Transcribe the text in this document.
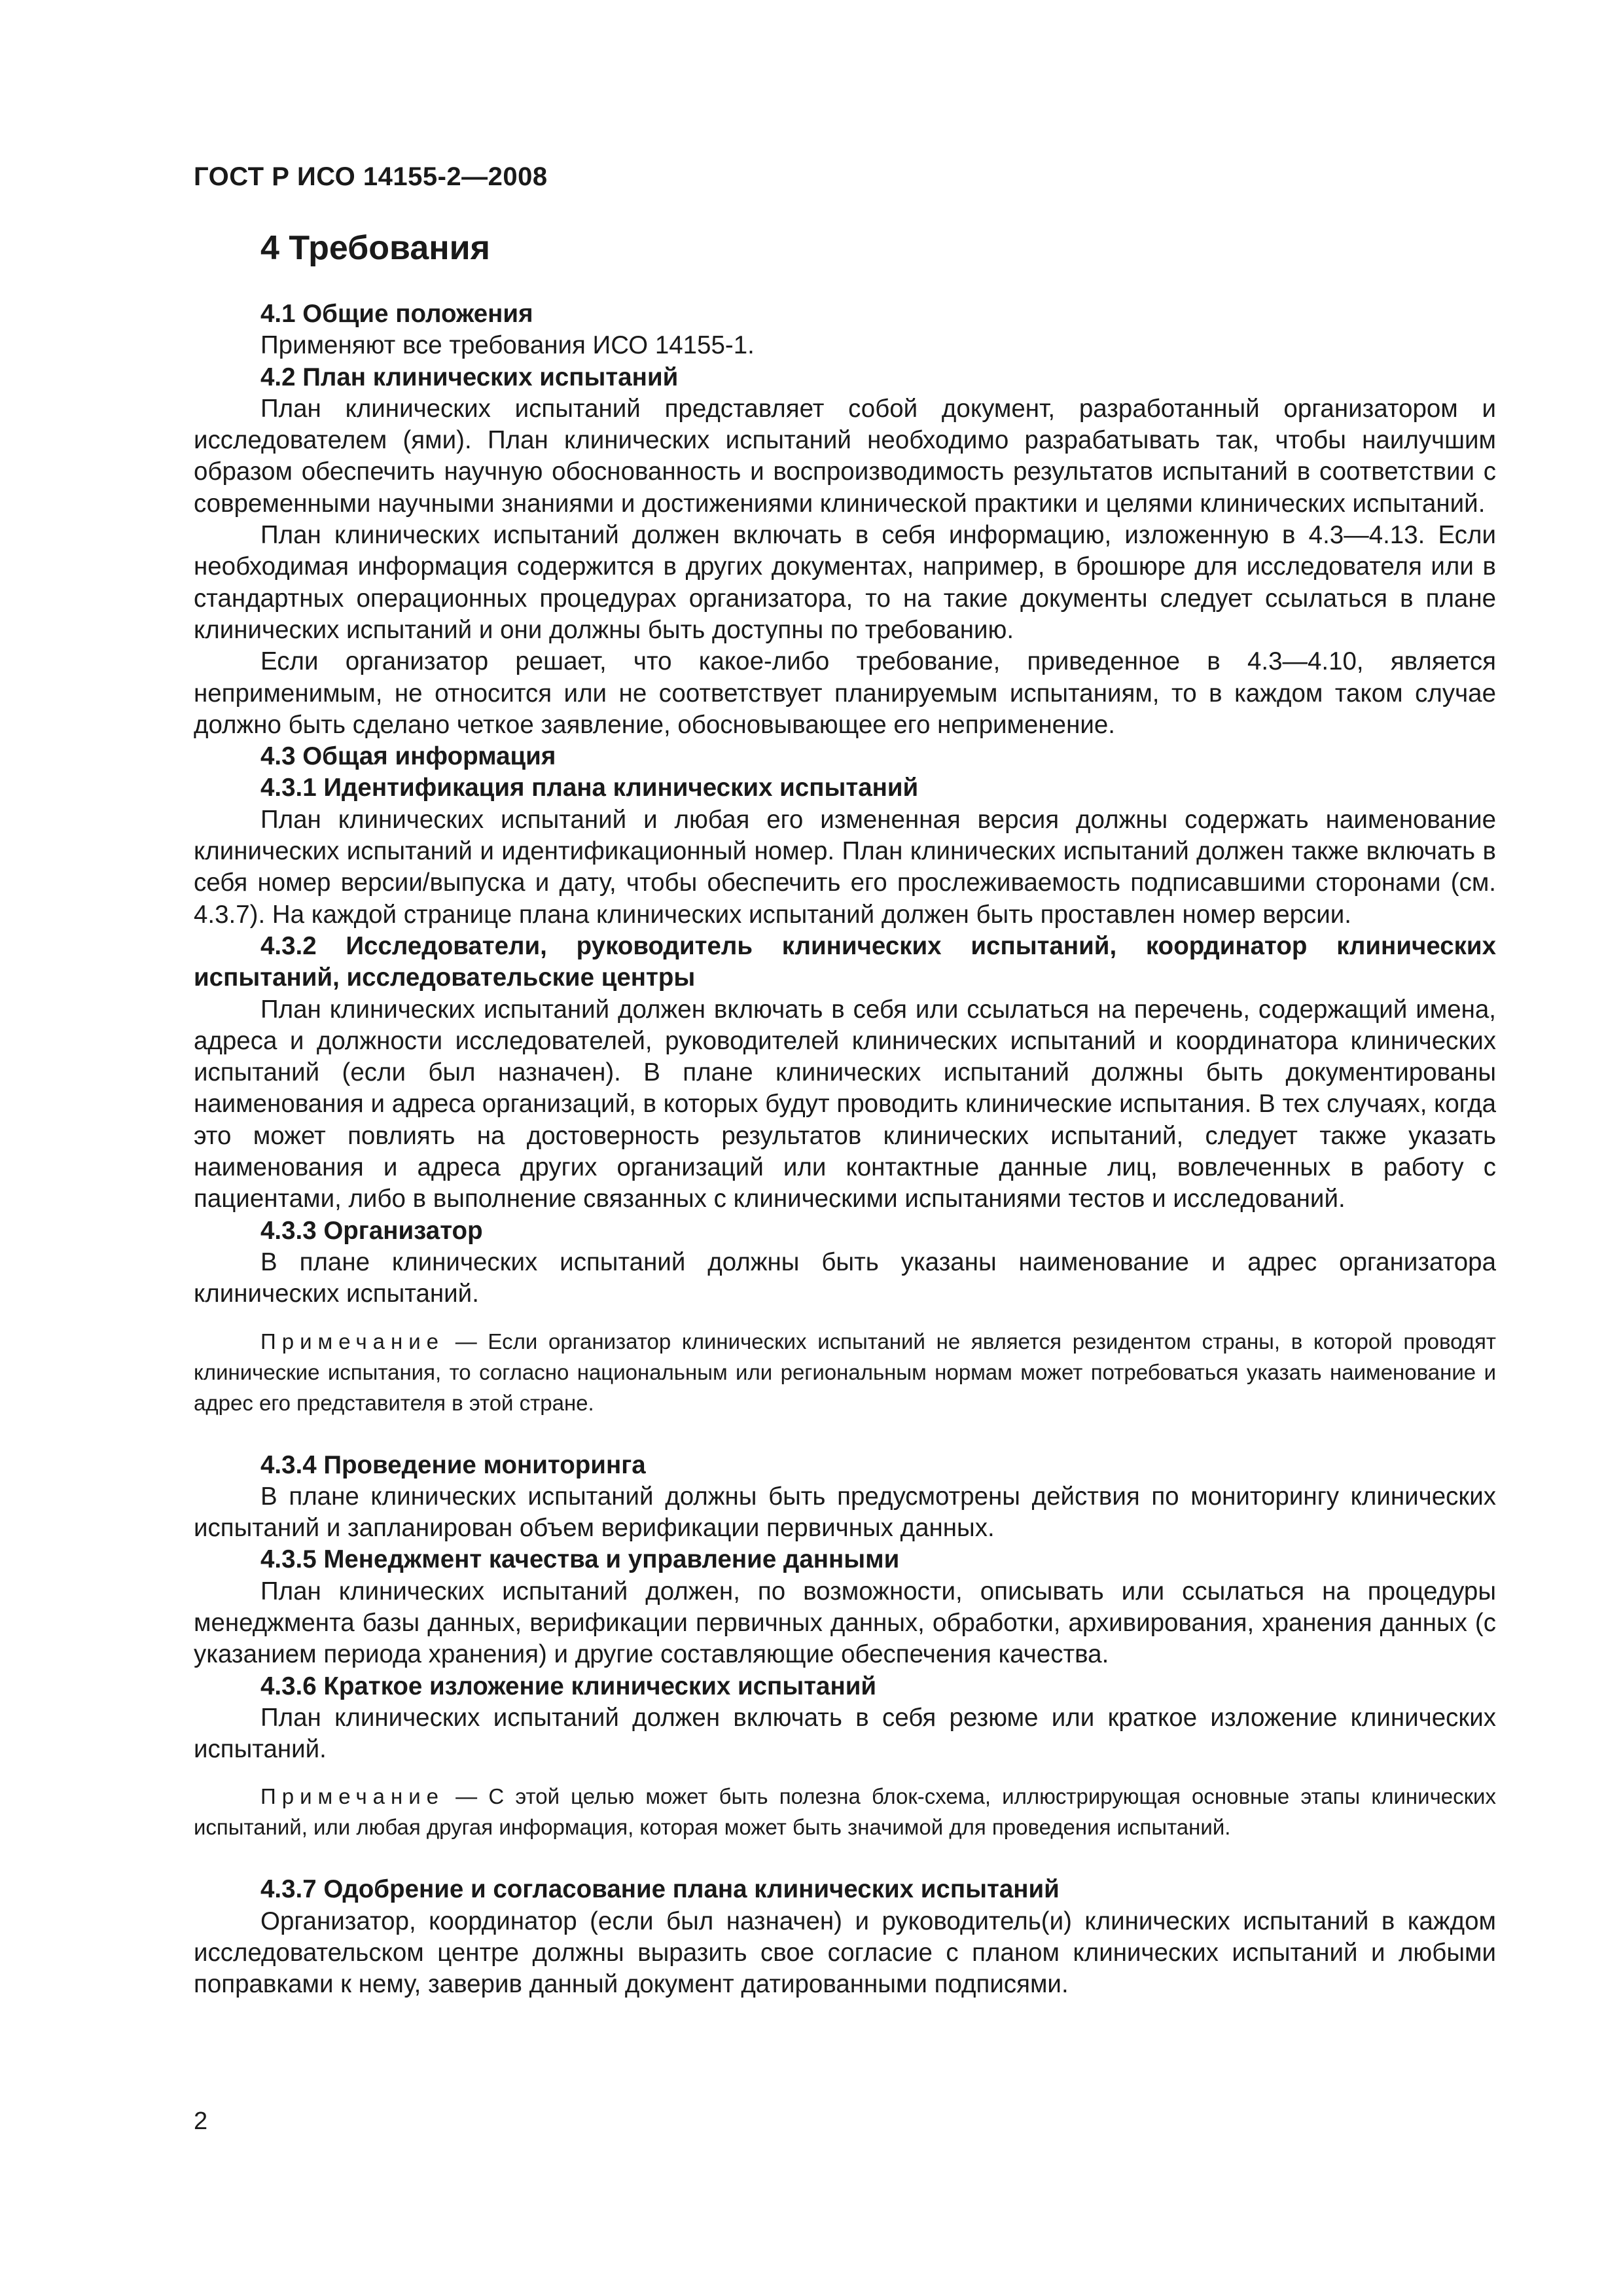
ГОСТ Р ИСО 14155-2—2008
4 Требования

4.1 Общие положения

Применяют все требования ИСО 14155-1.

4.2 План клинических испытаний

План клинических испытаний представляет собой документ, разработанный организатором и исследователем (ями). План клинических испытаний необходимо разрабатывать так, чтобы наилучшим образом обеспечить научную обоснованность и воспроизводимость результатов испытаний в соответствии с современными научными знаниями и достижениями клинической практики и целями клинических испытаний.

План клинических испытаний должен включать в себя информацию, изложенную в 4.3—4.13. Если необходимая информация содержится в других документах, например, в брошюре для исследователя или в стандартных операционных процедурах организатора, то на такие документы следует ссылаться в плане клинических испытаний и они должны быть доступны по требованию.

Если организатор решает, что какое-либо требование, приведенное в 4.3—4.10, является неприменимым, не относится или не соответствует планируемым испытаниям, то в каждом таком случае должно быть сделано четкое заявление, обосновывающее его неприменение.

4.3 Общая информация

4.3.1 Идентификация плана клинических испытаний

План клинических испытаний и любая его измененная версия должны содержать наименование клинических испытаний и идентификационный номер. План клинических испытаний должен также включать в себя номер версии/выпуска и дату, чтобы обеспечить его прослеживаемость подписавшими сторонами (см. 4.3.7). На каждой странице плана клинических испытаний должен быть проставлен номер версии.

4.3.2 Исследователи, руководитель клинических испытаний, координатор клинических испытаний, исследовательские центры

План клинических испытаний должен включать в себя или ссылаться на перечень, содержащий имена, адреса и должности исследователей, руководителей клинических испытаний и координатора клинических испытаний (если был назначен). В плане клинических испытаний должны быть документированы наименования и адреса организаций, в которых будут проводить клинические испытания. В тех случаях, когда это может повлиять на достоверность результатов клинических испытаний, следует также указать наименования и адреса других организаций или контактные данные лиц, вовлеченных в работу с пациентами, либо в выполнение связанных с клиническими испытаниями тестов и исследований.

4.3.3 Организатор

В плане клинических испытаний должны быть указаны наименование и адрес организатора клинических испытаний.

Примечание — Если организатор клинических испытаний не является резидентом страны, в которой проводят клинические испытания, то согласно национальным или региональным нормам может потребоваться указать наименование и адрес его представителя в этой стране.

4.3.4 Проведение мониторинга

В плане клинических испытаний должны быть предусмотрены действия по мониторингу клинических испытаний и запланирован объем верификации первичных данных.

4.3.5 Менеджмент качества и управление данными

План клинических испытаний должен, по возможности, описывать или ссылаться на процедуры менеджмента базы данных, верификации первичных данных, обработки, архивирования, хранения данных (с указанием периода хранения) и другие составляющие обеспечения качества.

4.3.6 Краткое изложение клинических испытаний

План клинических испытаний должен включать в себя резюме или краткое изложение клинических испытаний.

Примечание — С этой целью может быть полезна блок-схема, иллюстрирующая основные этапы клинических испытаний, или любая другая информация, которая может быть значимой для проведения испытаний.

4.3.7 Одобрение и согласование плана клинических испытаний

Организатор, координатор (если был назначен) и руководитель(и) клинических испытаний в каждом исследовательском центре должны выразить свое согласие с планом клинических испытаний и любыми поправками к нему, заверив данный документ датированными подписями.

2
